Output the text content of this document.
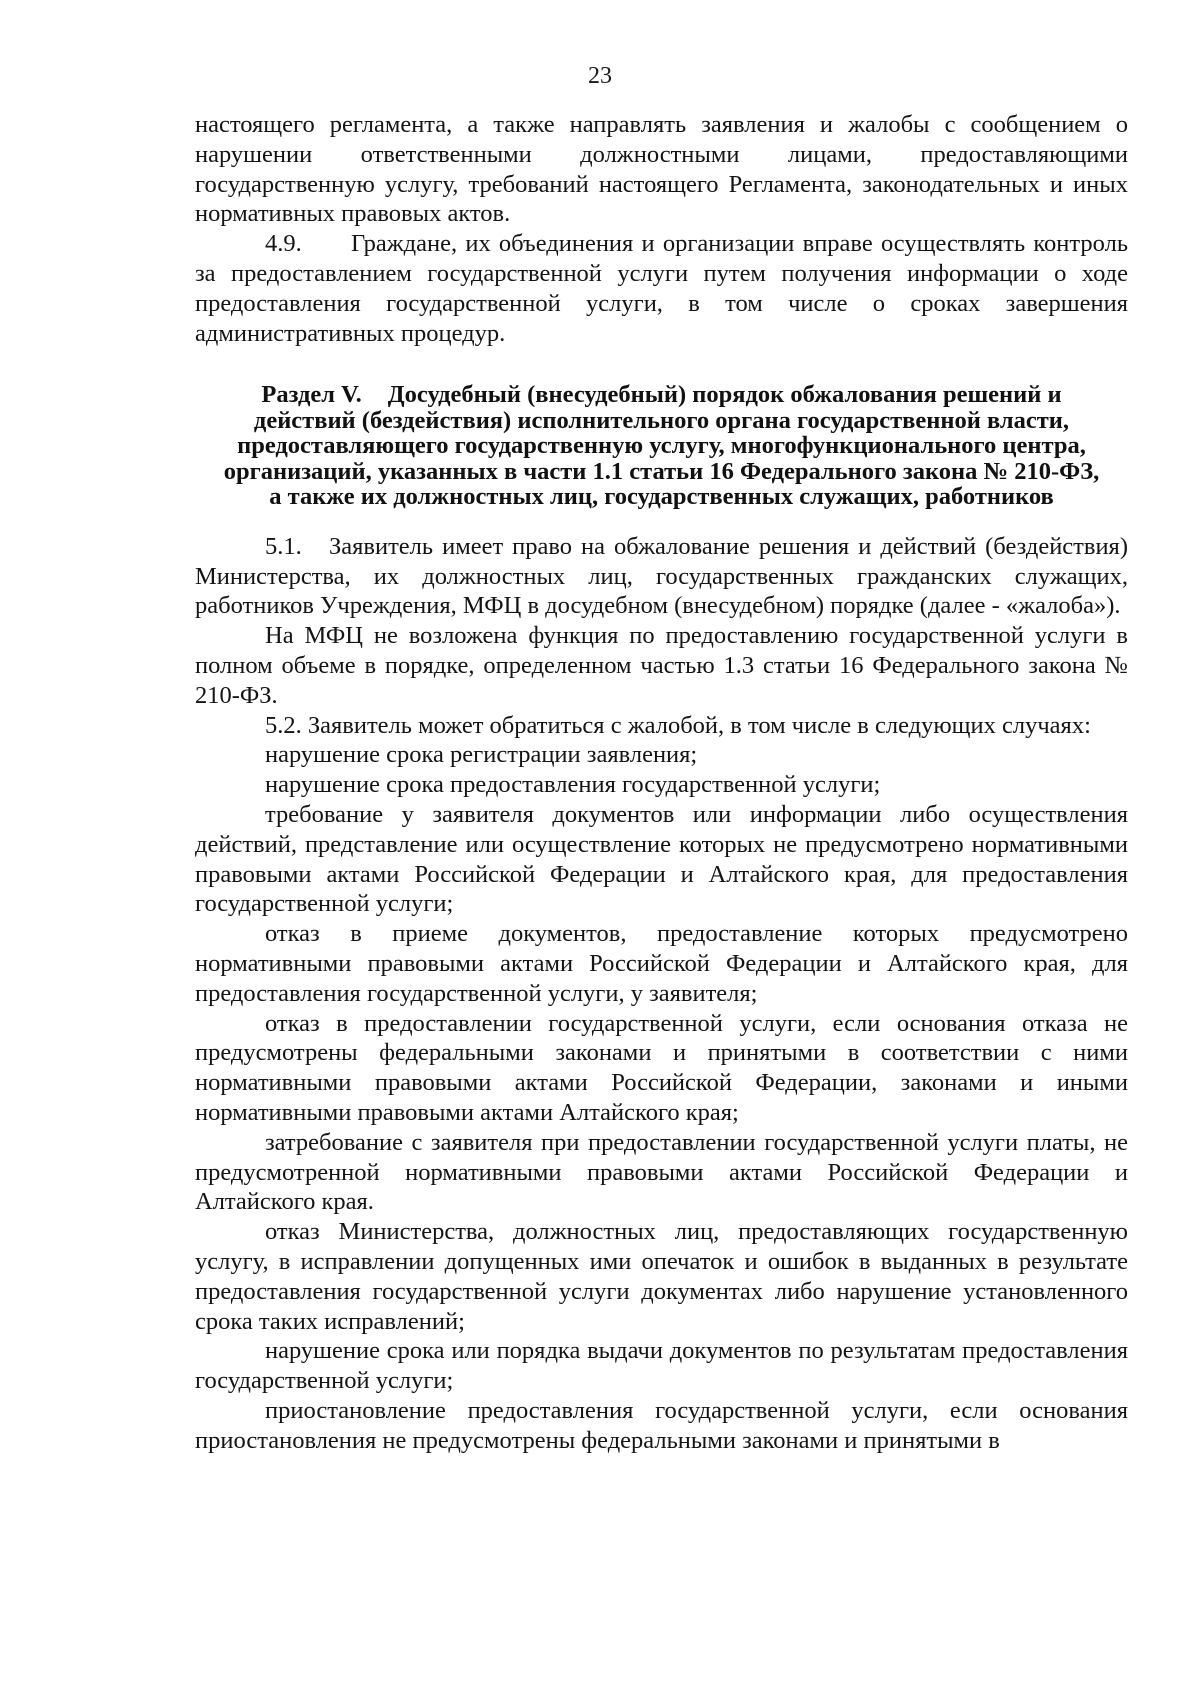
23

настоящего регламента, а также направлять заявления и жалобы с сообщением о нарушении ответственными должностными лицами, предоставляющими государственную услугу, требований настоящего Регламента, законодательных и иных нормативных правовых актов.

4.9. Граждане, их объединения и организации вправе осуществлять контроль за предоставлением государственной услуги путем получения информации о ходе предоставления государственной услуги, в том числе о сроках завершения административных процедур.

Раздел V. Досудебный (внесудебный) порядок обжалования решений и
действий (бездействия) исполнительного органа государственной власти,
предоставляющего государственную услугу, многофункционального центра,
организаций, указанных в части 1.1 статьи 16 Федерального закона № 210-ФЗ,
а также их должностных лиц, государственных служащих, работников

5.1. Заявитель имеет право на обжалование решения и действий (бездействия) Министерства, их должностных лиц, государственных гражданских служащих, работников Учреждения, МФЦ в досудебном (внесудебном) порядке (далее - «жалоба»).

На МФЦ не возложена функция по предоставлению государственной услуги в полном объеме в порядке, определенном частью 1.3 статьи 16 Федерального закона № 210-ФЗ.

5.2. Заявитель может обратиться с жалобой, в том числе в следующих случаях:

нарушение срока регистрации заявления;

нарушение срока предоставления государственной услуги;

требование у заявителя документов или информации либо осуществления действий, представление или осуществление которых не предусмотрено нормативными правовыми актами Российской Федерации и Алтайского края, для предоставления государственной услуги;

отказ в приеме документов, предоставление которых предусмотрено нормативными правовыми актами Российской Федерации и Алтайского края, для предоставления государственной услуги, у заявителя;

отказ в предоставлении государственной услуги, если основания отказа не предусмотрены федеральными законами и принятыми в соответствии с ними нормативными правовыми актами Российской Федерации, законами и иными нормативными правовыми актами Алтайского края;

затребование с заявителя при предоставлении государственной услуги платы, не предусмотренной нормативными правовыми актами Российской Федерации и Алтайского края.

отказ Министерства, должностных лиц, предоставляющих государственную услугу, в исправлении допущенных ими опечаток и ошибок в выданных в результате предоставления государственной услуги документах либо нарушение установленного срока таких исправлений;

нарушение срока или порядка выдачи документов по результатам предоставления государственной услуги;

приостановление предоставления государственной услуги, если основания приостановления не предусмотрены федеральными законами и принятыми в
